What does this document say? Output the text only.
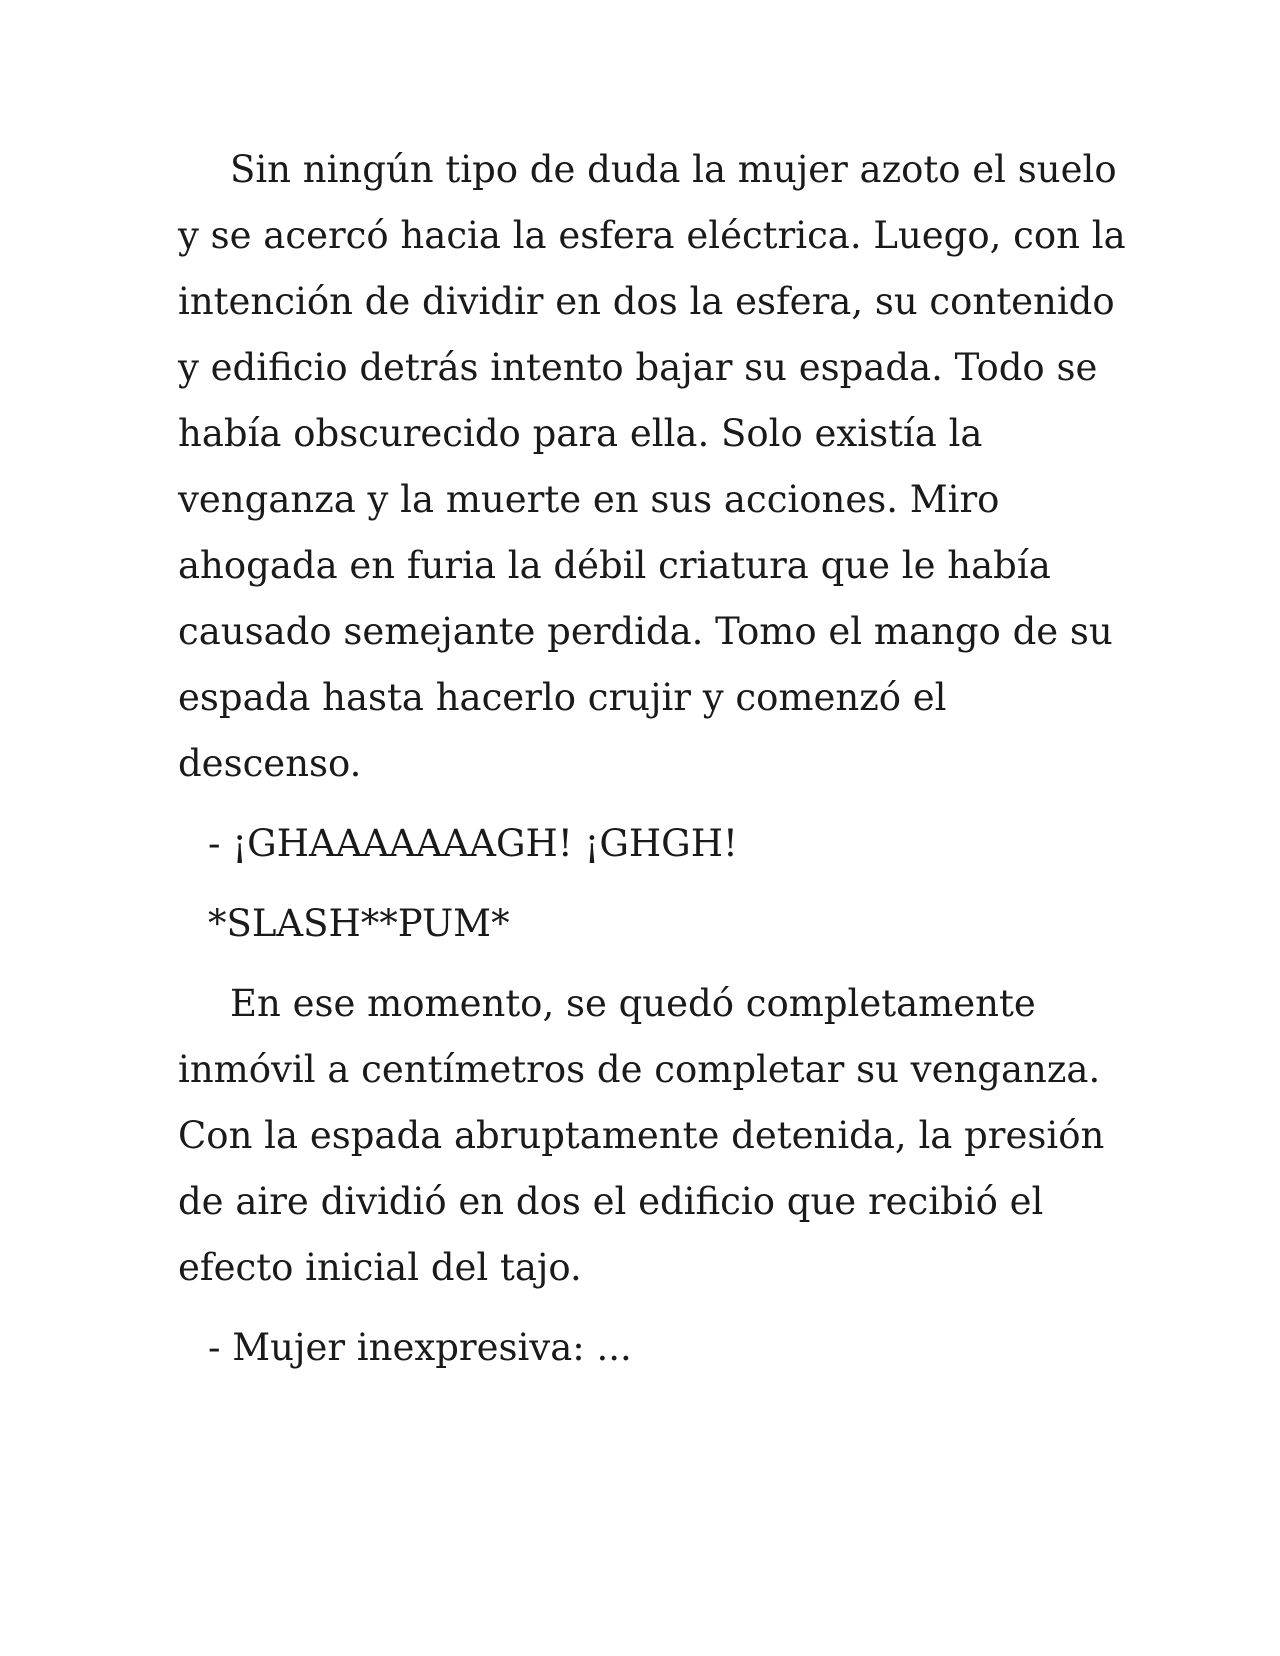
Sin ningún tipo de duda la mujer azoto el suelo
y se acercó hacia la esfera eléctrica. Luego, con la
intención de dividir en dos la esfera, su contenido
y edificio detrás intento bajar su espada. Todo se
había obscurecido para ella. Solo existía la
venganza y la muerte en sus acciones. Miro
ahogada en furia la débil criatura que le había
causado semejante perdida. Tomo el mango de su
espada hasta hacerlo crujir y comenzó el
descenso.

- ¡GHAAAAAAAGH! ¡GHGH!
*SLASH**PUM*

En ese momento, se quedó completamente
inmóvil a centímetros de completar su venganza.
Con la espada abruptamente detenida, la presión
de aire dividió en dos el edificio que recibió el
efecto inicial del tajo.

- Mujer inexpresiva: ...
